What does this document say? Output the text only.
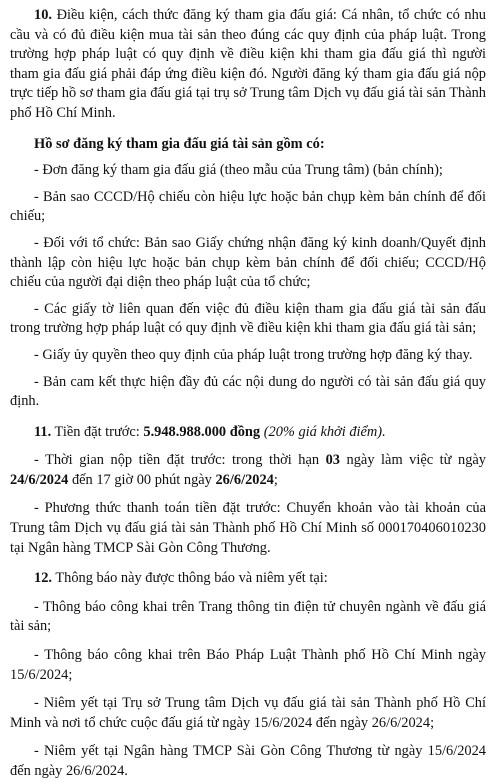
10. Điều kiện, cách thức đăng ký tham gia đấu giá: Cá nhân, tổ chức có nhu cầu và có đủ điều kiện mua tài sản theo đúng các quy định của pháp luật. Trong trường hợp pháp luật có quy định về điều kiện khi tham gia đấu giá thì người tham gia đấu giá phải đáp ứng điều kiện đó. Người đăng ký tham gia đấu giá nộp trực tiếp hồ sơ tham gia đấu giá tại trụ sở Trung tâm Dịch vụ đấu giá tài sản Thành phố Hồ Chí Minh.

Hồ sơ đăng ký tham gia đấu giá tài sản gồm có:

- Đơn đăng ký tham gia đấu giá (theo mẫu của Trung tâm) (bản chính);

- Bản sao CCCD/Hộ chiếu còn hiệu lực hoặc bản chụp kèm bản chính để đối chiếu;

- Đối với tổ chức: Bản sao Giấy chứng nhận đăng ký kinh doanh/Quyết định thành lập còn hiệu lực hoặc bản chụp kèm bản chính để đối chiếu; CCCD/Hộ chiếu của người đại diện theo pháp luật của tổ chức;

- Các giấy tờ liên quan đến việc đủ điều kiện tham gia đấu giá tài sản đấu trong trường hợp pháp luật có quy định về điều kiện khi tham gia đấu giá tài sản;

- Giấy ủy quyền theo quy định của pháp luật trong trường hợp đăng ký thay.

- Bản cam kết thực hiện đầy đủ các nội dung do người có tài sản đấu giá quy định.

11. Tiền đặt trước: 5.948.988.000 đồng (20% giá khởi điểm).

- Thời gian nộp tiền đặt trước: trong thời hạn 03 ngày làm việc từ ngày 24/6/2024 đến 17 giờ 00 phút ngày 26/6/2024;

- Phương thức thanh toán tiền đặt trước: Chuyển khoản vào tài khoản của Trung tâm Dịch vụ đấu giá tài sản Thành phố Hồ Chí Minh số 000170406010230 tại Ngân hàng TMCP Sài Gòn Công Thương.

12. Thông báo này được thông báo và niêm yết tại:

- Thông báo công khai trên Trang thông tin điện tử chuyên ngành về đấu giá tài sản;

- Thông báo công khai trên Báo Pháp Luật Thành phố Hồ Chí Minh ngày 15/6/2024;

- Niêm yết tại Trụ sở Trung tâm Dịch vụ đấu giá tài sản Thành phố Hồ Chí Minh và nơi tổ chức cuộc đấu giá từ ngày 15/6/2024 đến ngày 26/6/2024;

- Niêm yết tại Ngân hàng TMCP Sài Gòn Công Thương từ ngày 15/6/2024 đến ngày 26/6/2024.
